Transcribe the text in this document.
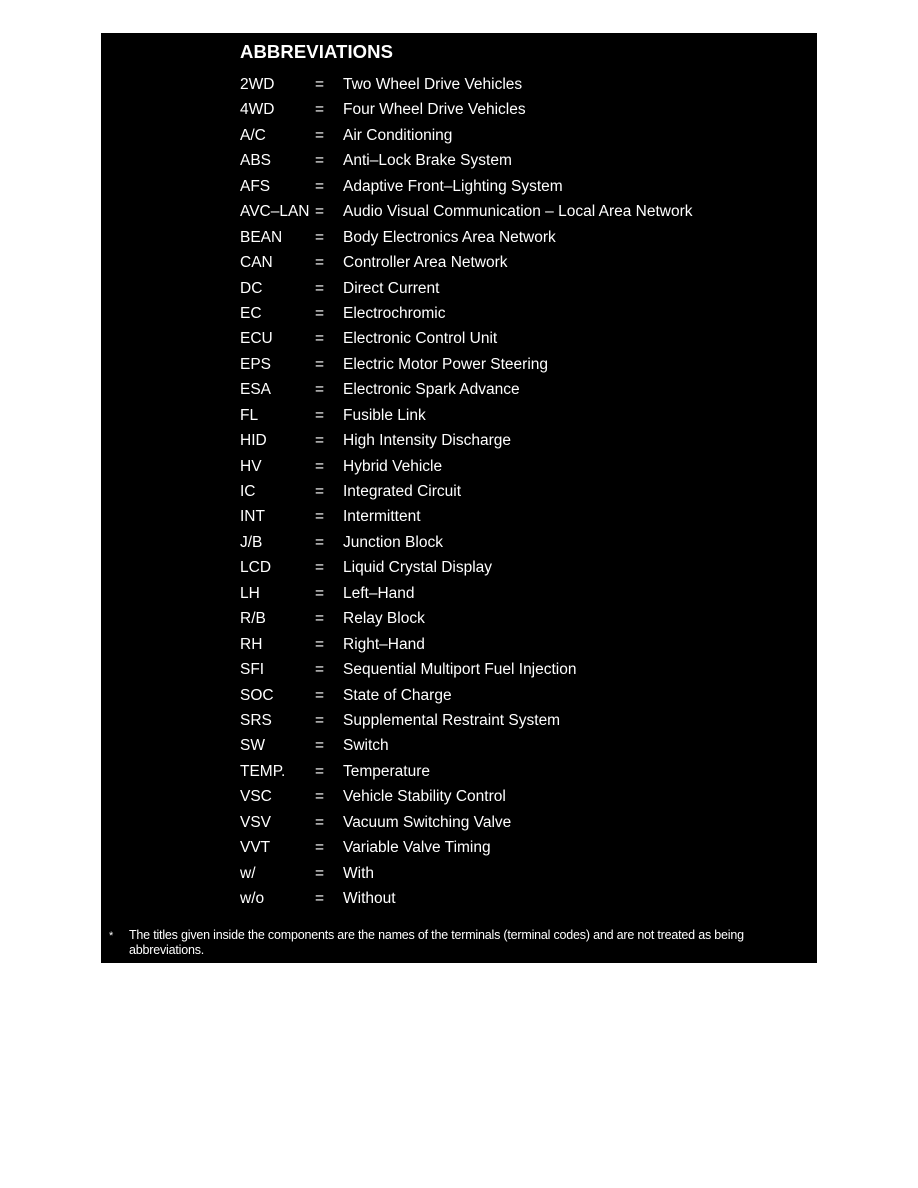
ABBREVIATIONS
2WD	= Two Wheel Drive Vehicles
4WD	= Four Wheel Drive Vehicles
A/C	= Air Conditioning
ABS	= Anti–Lock Brake System
AFS	= Adaptive Front–Lighting System
AVC–LAN = Audio Visual Communication – Local Area Network
BEAN = Body Electronics Area Network
CAN	= Controller Area Network
DC	= Direct Current
EC	= Electrochromic
ECU	= Electronic Control Unit
EPS	= Electric Motor Power Steering
ESA	= Electronic Spark Advance
FL	= Fusible Link
HID	= High Intensity Discharge
HV	= Hybrid Vehicle
IC	= Integrated Circuit
INT	= Intermittent
J/B	= Junction Block
LCD	= Liquid Crystal Display
LH	= Left–Hand
R/B	= Relay Block
RH	= Right–Hand
SFI	= Sequential Multiport Fuel Injection
SOC	= State of Charge
SRS	= Supplemental Restraint System
SW	= Switch
TEMP. = Temperature
VSC	= Vehicle Stability Control
VSV	= Vacuum Switching Valve
VVT	= Variable Valve Timing
w/	= With
w/o	= Without
* The titles given inside the components are the names of the terminals (terminal codes) and are not treated as being abbreviations.
